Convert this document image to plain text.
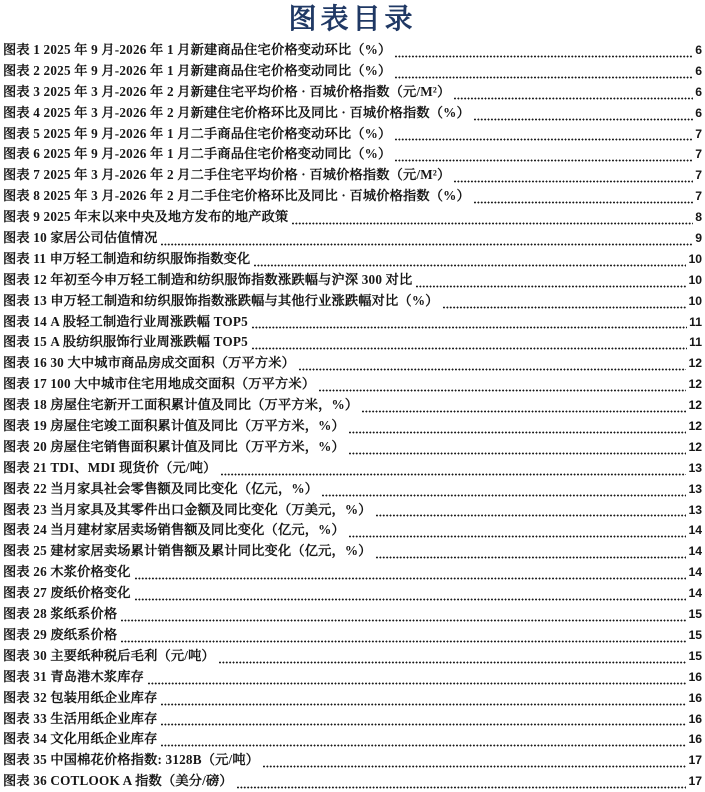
图表目录
图表 1 2025 年 9 月-2026 年 1 月新建商品住宅价格变动环比（%）	6
图表 2 2025 年 9 月-2026 年 1 月新建商品住宅价格变动同比（%）	6
图表 3 2025 年 3 月-2026 年 2 月新建住宅平均价格 · 百城价格指数（元/M²）	6
图表 4 2025 年 3 月-2026 年 2 月新建住宅价格环比及同比 · 百城价格指数（%）	6
图表 5 2025 年 9 月-2026 年 1 月二手商品住宅价格变动环比（%）	7
图表 6 2025 年 9 月-2026 年 1 月二手商品住宅价格变动同比（%）	7
图表 7 2025 年 3 月-2026 年 2 月二手住宅平均价格 · 百城价格指数（元/M²）	7
图表 8 2025 年 3 月-2026 年 2 月二手住宅价格环比及同比 · 百城价格指数（%）	7
图表 9 2025 年末以来中央及地方发布的地产政策	8
图表 10 家居公司估值情况	9
图表 11 申万轻工制造和纺织服饰指数变化	10
图表 12 年初至今申万轻工制造和纺织服饰指数涨跌幅与沪深 300 对比	10
图表 13 申万轻工制造和纺织服饰指数涨跌幅与其他行业涨跌幅对比（%）	10
图表 14 A 股轻工制造行业周涨跌幅 TOP5	11
图表 15 A 股纺织服饰行业周涨跌幅 TOP5	11
图表 16 30 大中城市商品房成交面积（万平方米）	12
图表 17 100 大中城市住宅用地成交面积（万平方米）	12
图表 18 房屋住宅新开工面积累计值及同比（万平方米，%）	12
图表 19 房屋住宅竣工面积累计值及同比（万平方米，%）	12
图表 20 房屋住宅销售面积累计值及同比（万平方米，%）	12
图表 21 TDI、MDI 现货价（元/吨）	13
图表 22 当月家具社会零售额及同比变化（亿元，%）	13
图表 23 当月家具及其零件出口金额及同比变化（万美元，%）	13
图表 24 当月建材家居卖场销售额及同比变化（亿元，%）	14
图表 25 建材家居卖场累计销售额及累计同比变化（亿元，%）	14
图表 26 木浆价格变化	14
图表 27 废纸价格变化	14
图表 28 浆纸系价格	15
图表 29 废纸系价格	15
图表 30 主要纸种税后毛利（元/吨）	15
图表 31 青岛港木浆库存	16
图表 32 包装用纸企业库存	16
图表 33 生活用纸企业库存	16
图表 34 文化用纸企业库存	16
图表 35 中国棉花价格指数: 3128B（元/吨）	17
图表 36 COTLOOK A 指数（美分/磅）	17
